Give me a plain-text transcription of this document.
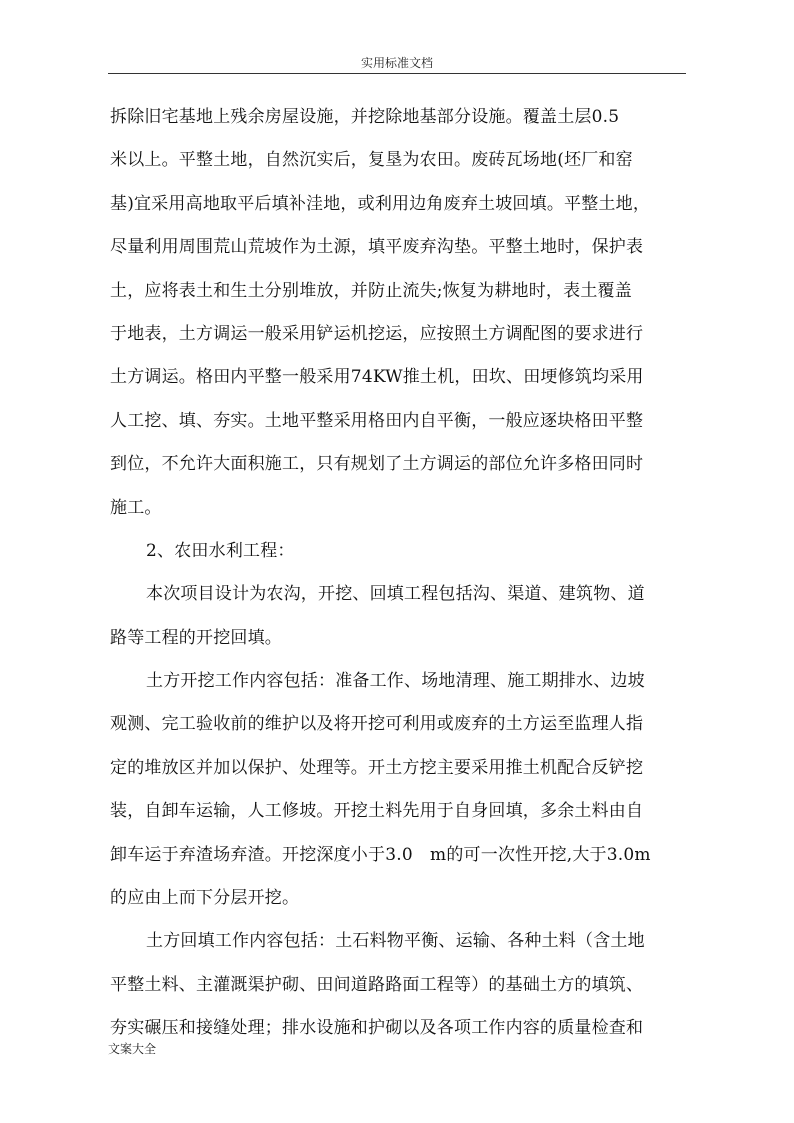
实用标准文档
拆除旧宅基地上残余房屋设施，并挖除地基部分设施。覆盖土层0.5
米以上。平整土地，自然沉实后，复垦为农田。废砖瓦场地(坯厂和窑
基)宜采用高地取平后填补洼地，或利用边角废弃土坡回填。平整土地，
尽量利用周围荒山荒坡作为土源，填平废弃沟垫。平整土地时，保护表
土，应将表土和生土分别堆放，并防止流失;恢复为耕地时，表土覆盖
于地表，土方调运一般采用铲运机挖运，应按照土方调配图的要求进行
土方调运。格田内平整一般采用74KW推土机，田坎、田埂修筑均采用
人工挖、填、夯实。土地平整采用格田内自平衡，一般应逐块格田平整
到位，不允许大面积施工，只有规划了土方调运的部位允许多格田同时
施工。
2、农田水利工程：
本次项目设计为农沟，开挖、回填工程包括沟、渠道、建筑物、道
路等工程的开挖回填。
土方开挖工作内容包括：准备工作、场地清理、施工期排水、边坡
观测、完工验收前的维护以及将开挖可利用或废弃的土方运至监理人指
定的堆放区并加以保护、处理等。开土方挖主要采用推土机配合反铲挖
装，自卸车运输，人工修坡。开挖土料先用于自身回填，多余土料由自
卸车运于弃渣场弃渣。开挖深度小于3.0　m的可一次性开挖,大于3.0m
的应由上而下分层开挖。
土方回填工作内容包括：土石料物平衡、运输、各种土料（含土地
平整土料、主灌溉渠护砌、田间道路路面工程等）的基础土方的填筑、
夯实碾压和接缝处理；排水设施和护砌以及各项工作内容的质量检查和
文案大全
